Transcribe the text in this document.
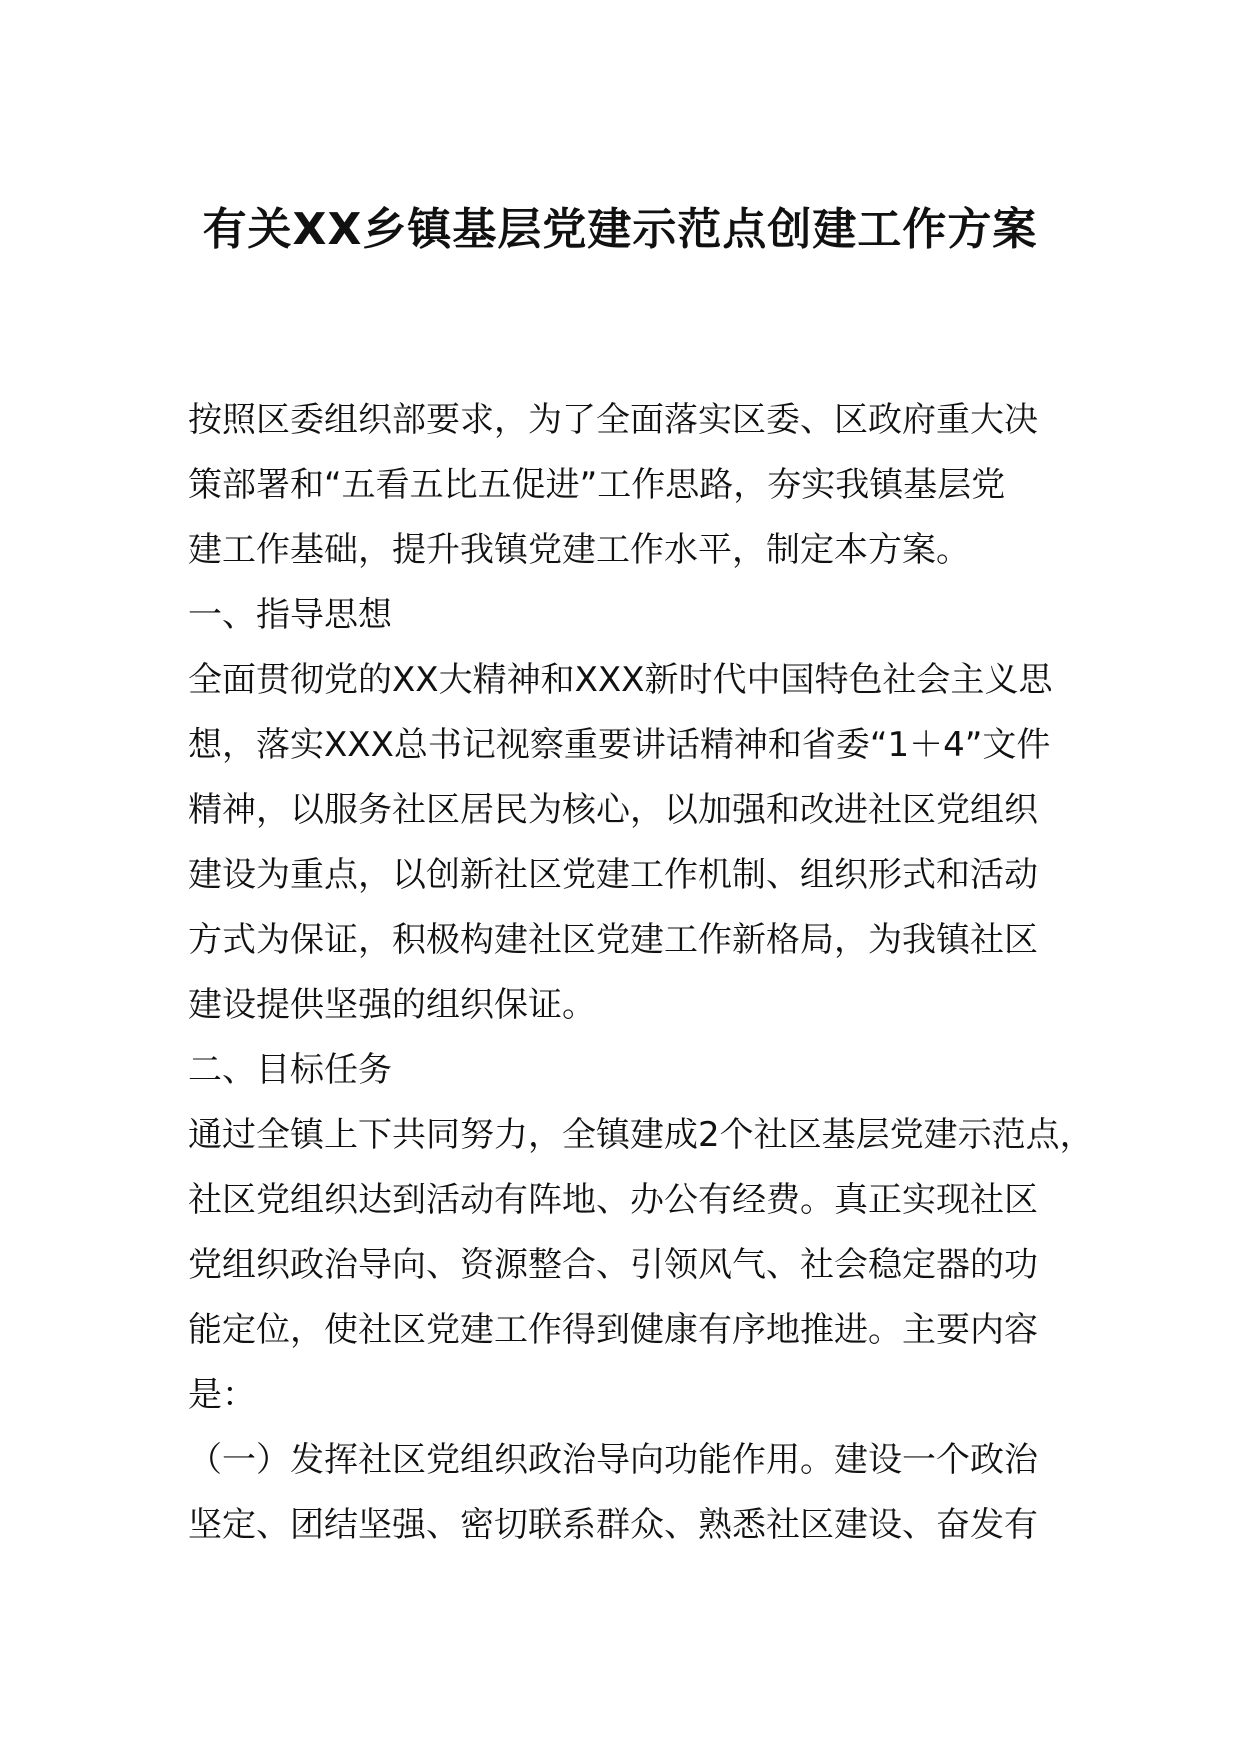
有关XX乡镇基层党建示范点创建工作方案
按照区委组织部要求，为了全面落实区委、区政府重大决
策部署和“五看五比五促进”工作思路，夯实我镇基层党
建工作基础，提升我镇党建工作水平，制定本方案。
一、指导思想
全面贯彻党的XX大精神和XXX新时代中国特色社会主义思
想，落实XXX总书记视察重要讲话精神和省委“1＋4”文件
精神，以服务社区居民为核心，以加强和改进社区党组织
建设为重点，以创新社区党建工作机制、组织形式和活动
方式为保证，积极构建社区党建工作新格局，为我镇社区
建设提供坚强的组织保证。
二、目标任务
通过全镇上下共同努力，全镇建成2个社区基层党建示范点，
社区党组织达到活动有阵地、办公有经费。真正实现社区
党组织政治导向、资源整合、引领风气、社会稳定器的功
能定位，使社区党建工作得到健康有序地推进。主要内容
是：
（一）发挥社区党组织政治导向功能作用。建设一个政治
坚定、团结坚强、密切联系群众、熟悉社区建设、奋发有
